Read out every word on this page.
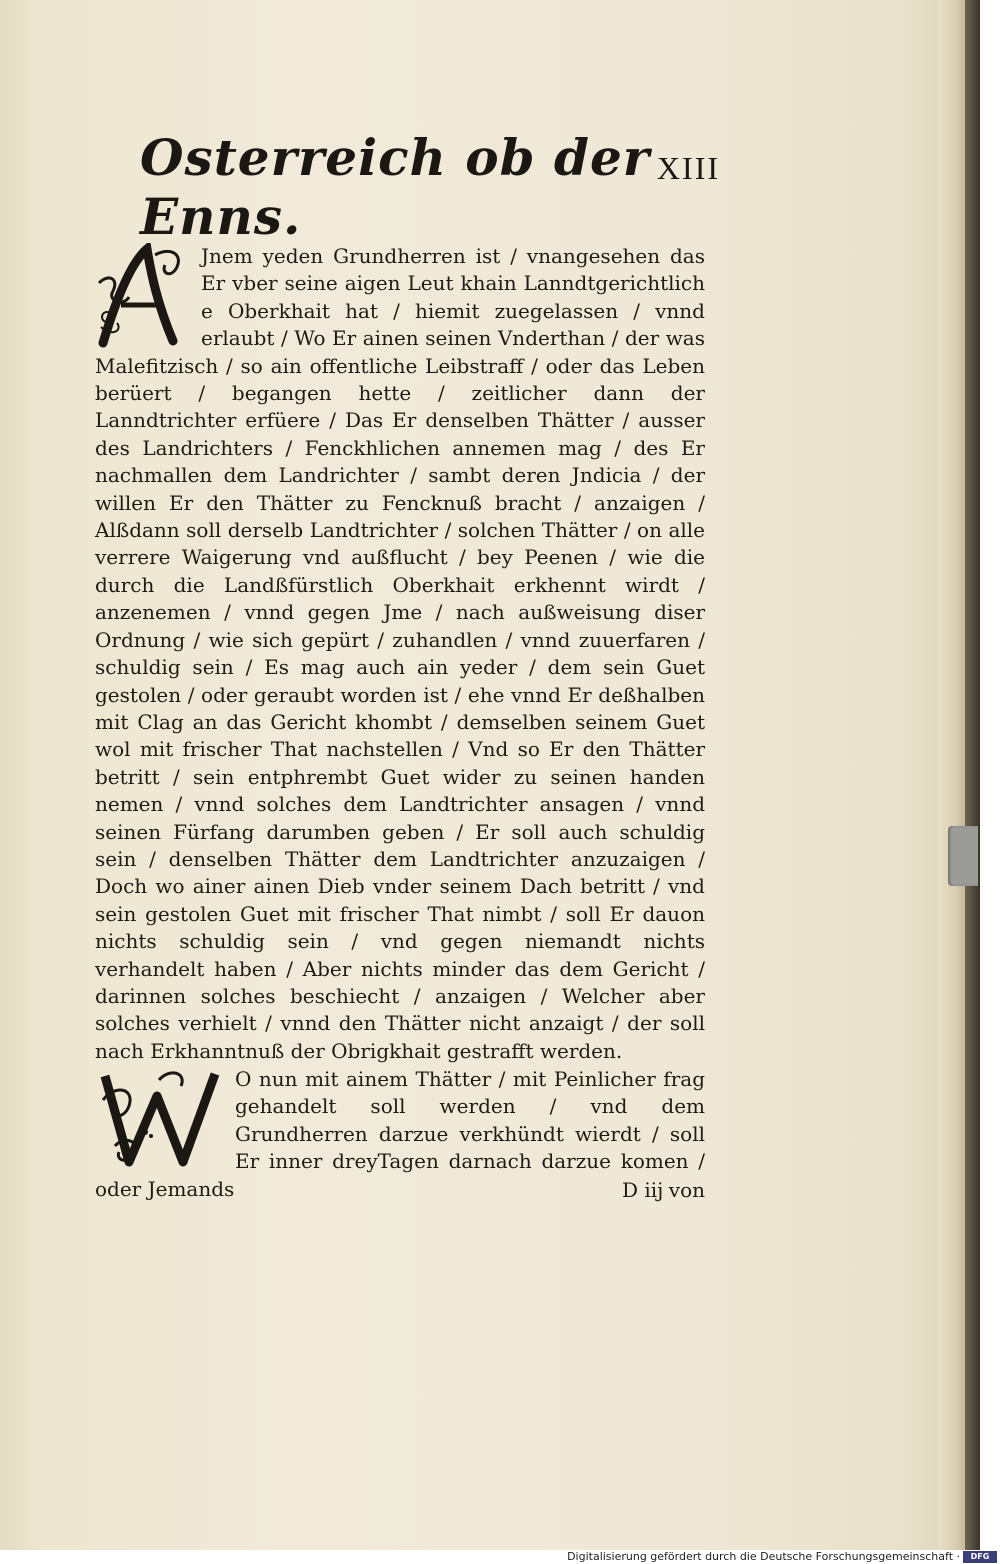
Osterreich ob der Enns.
XIII
Jnem yeden Grundherren ist / vnangesehen das Er vber seine aigen Leut khain Lanndtgerichtlich e Oberkhait hat / hiemit zuegelassen / vnnd erlaubt / Wo Er ainen seinen Vnderthan / der was Malefitzisch / so ain offentliche Leibstraff / oder das Leben berüert / begangen hette / zeitlicher dann der Lanndtrichter erfüere / Das Er denselben Thätter / ausser des Landrichters / Fenckhlichen annemen mag / des Er nachmallen dem Landrichter / sambt deren Jndicia / der willen Er den Thätter zu Fencknuß bracht / anzaigen / Alßdann soll derselb Landtrichter / solchen Thätter / on alle verrere Waigerung vnd außflucht / bey Peenen / wie die durch die Landßfürstlich Oberkhait erkhennt wirdt / anzenemen / vnnd gegen Jme / nach außweisung diser Ordnung / wie sich gepürt / zuhandlen / vnnd zuuerfaren / schuldig sein / Es mag auch ain yeder / dem sein Guet gestolen / oder geraubt worden ist / ehe vnnd Er deßhalben mit Clag an das Gericht khombt / demselben seinem Guet wol mit frischer That nachstellen / Vnd so Er den Thätter betritt / sein entphrembt Guet wider zu seinen handen nemen / vnnd solches dem Landtrichter ansagen / vnnd seinen Fürfang darumben geben / Er soll auch schuldig sein / denselben Thätter dem Landtrichter anzuzaigen / Doch wo ainer ainen Dieb vnder seinem Dach betritt / vnd sein gestolen Guet mit frischer That nimbt / soll Er dauon nichts schuldig sein / vnd gegen niemandt nichts verhandelt haben / Aber nichts minder das dem Gericht / darinnen solches beschiecht / anzaigen / Welcher aber solches verhielt / vnnd den Thätter nicht anzaigt / der soll nach Erkhanntnuß der Obrigkhait gestrafft werden.
O nun mit ainem Thätter / mit Peinlicher frag gehandelt soll werden / vnd dem Grundherren darzue verkhündt wierdt / soll Er inner dreyTagen darnach darzue komen / oder Jemands	D iij von
Digitalisierung gefördert durch die Deutsche Forschungsgemeinschaft ·	DFG
